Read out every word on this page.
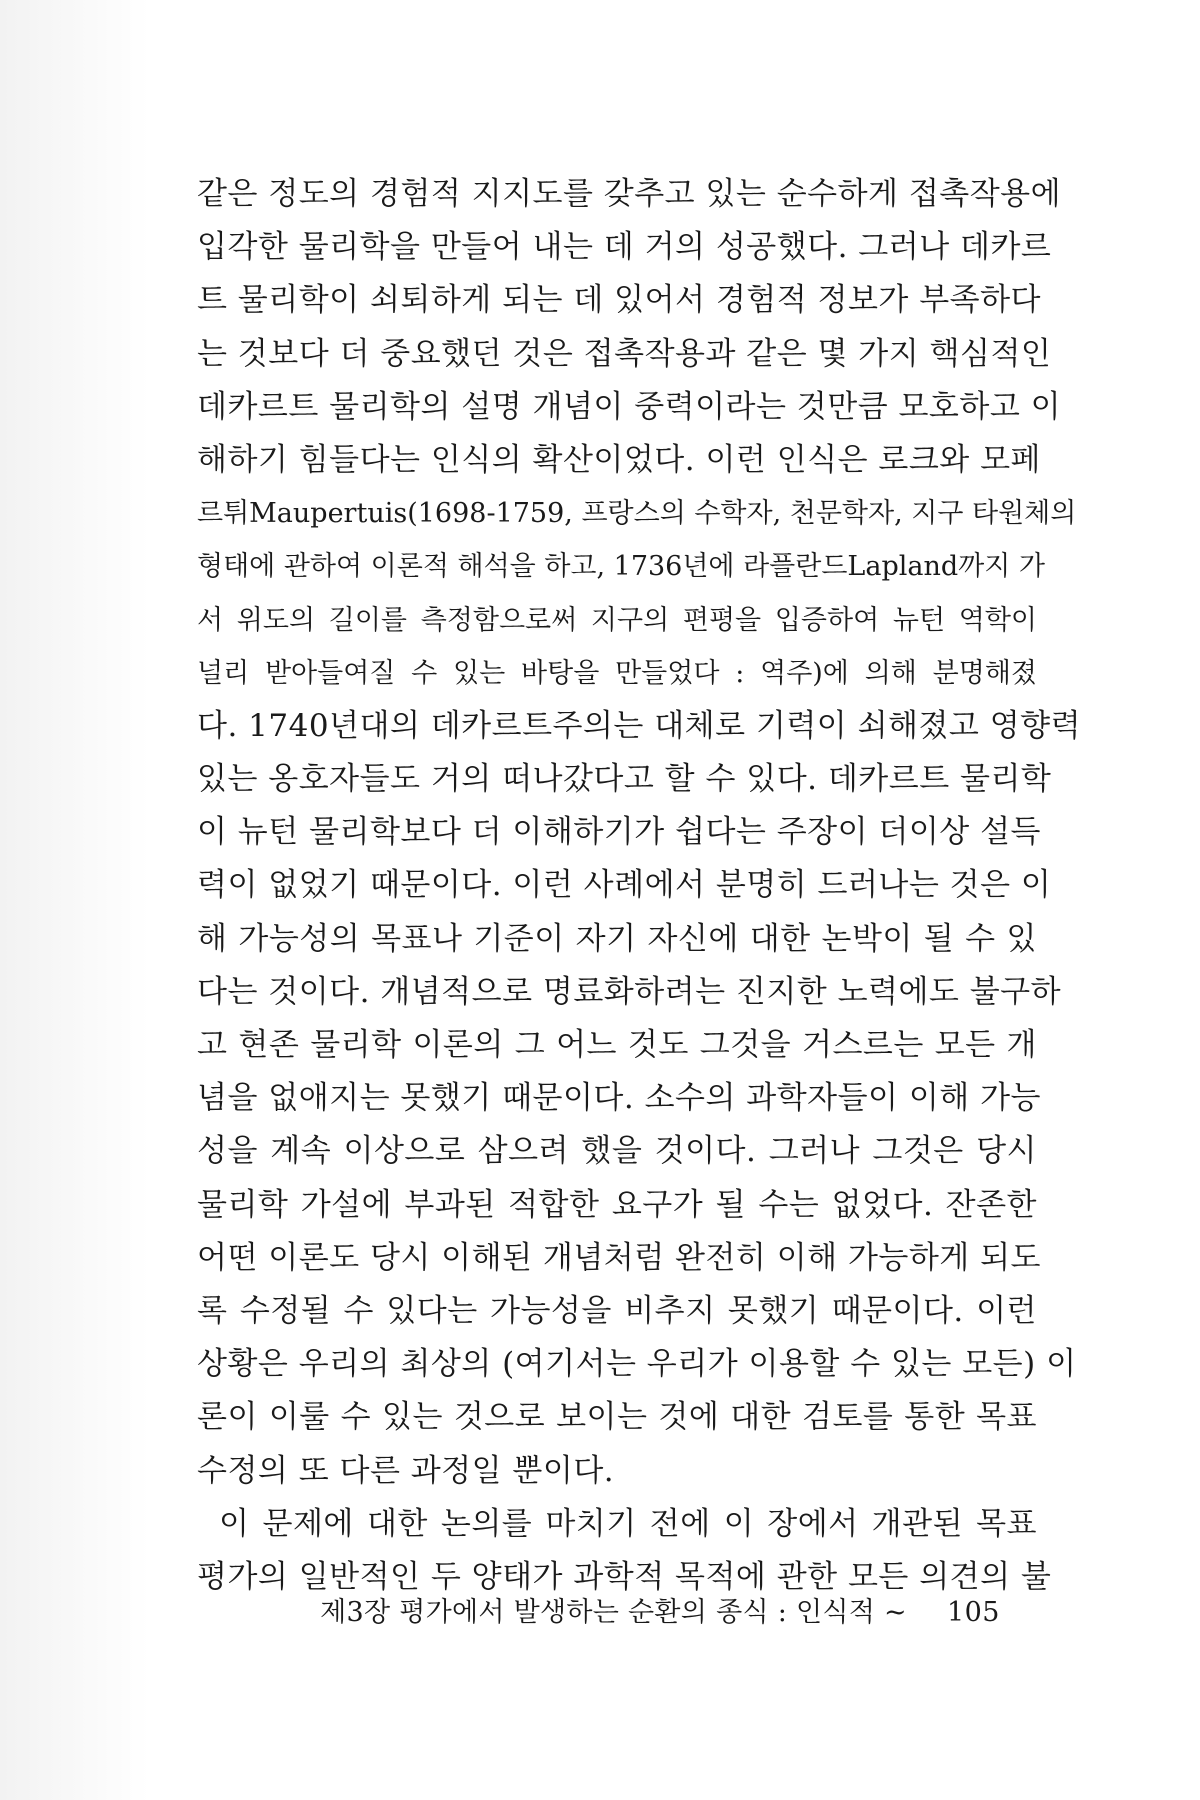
같은 정도의 경험적 지지도를 갖추고 있는 순수하게 접촉작용에
입각한 물리학을 만들어 내는 데 거의 성공했다. 그러나 데카르
트 물리학이 쇠퇴하게 되는 데 있어서 경험적 정보가 부족하다
는 것보다 더 중요했던 것은 접촉작용과 같은 몇 가지 핵심적인
데카르트 물리학의 설명 개념이 중력이라는 것만큼 모호하고 이
해하기 힘들다는 인식의 확산이었다. 이런 인식은 로크와 모페
르튀Maupertuis(1698-1759, 프랑스의 수학자, 천문학자, 지구 타원체의
형태에 관하여 이론적 해석을 하고, 1736년에 라플란드Lapland까지 가
서 위도의 길이를 측정함으로써 지구의 편평을 입증하여 뉴턴 역학이
널리 받아들여질 수 있는 바탕을 만들었다 : 역주)에 의해 분명해졌
다. 1740년대의 데카르트주의는 대체로 기력이 쇠해졌고 영향력
있는 옹호자들도 거의 떠나갔다고 할 수 있다. 데카르트 물리학
이 뉴턴 물리학보다 더 이해하기가 쉽다는 주장이 더이상 설득
력이 없었기 때문이다. 이런 사례에서 분명히 드러나는 것은 이
해 가능성의 목표나 기준이 자기 자신에 대한 논박이 될 수 있
다는 것이다. 개념적으로 명료화하려는 진지한 노력에도 불구하
고 현존 물리학 이론의 그 어느 것도 그것을 거스르는 모든 개
념을 없애지는 못했기 때문이다. 소수의 과학자들이 이해 가능
성을 계속 이상으로 삼으려 했을 것이다. 그러나 그것은 당시
물리학 가설에 부과된 적합한 요구가 될 수는 없었다. 잔존한
어떤 이론도 당시 이해된 개념처럼 완전히 이해 가능하게 되도
록 수정될 수 있다는 가능성을 비추지 못했기 때문이다. 이런
상황은 우리의 최상의 (여기서는 우리가 이용할 수 있는 모든) 이
론이 이룰 수 있는 것으로 보이는 것에 대한 검토를 통한 목표
수정의 또 다른 과정일 뿐이다.
이 문제에 대한 논의를 마치기 전에 이 장에서 개관된 목표
평가의 일반적인 두 양태가 과학적 목적에 관한 모든 의견의 불
제3장 평가에서 발생하는 순환의 종식 : 인식적 ~ 105
